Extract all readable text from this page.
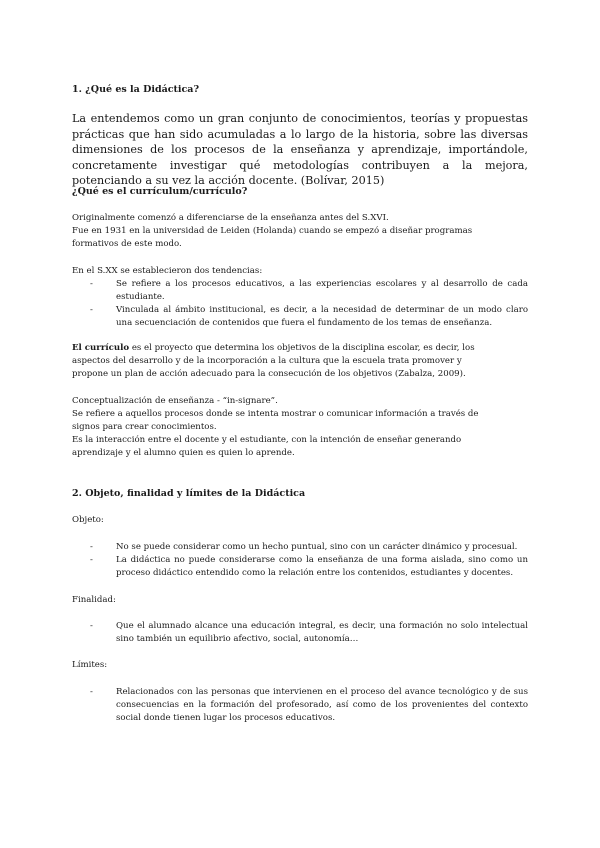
1. ¿Qué es la Didáctica?
La entendemos como un gran conjunto de conocimientos, teorías y propuestas prácticas que han sido acumuladas a lo largo de la historia, sobre las diversas dimensiones de los procesos de la enseñanza y aprendizaje, importándole, concretamente investigar qué metodologías contribuyen a la mejora, potenciando a su vez la acción docente. (Bolívar, 2015)
¿Qué es el currículum/currículo?
Originalmente comenzó a diferenciarse de la enseñanza antes del S.XVI.
Fue en 1931 en la universidad de Leiden (Holanda) cuando se empezó a diseñar programas
formativos de este modo.
En el S.XX se establecieron dos tendencias:
-	Se refiere a los procesos educativos, a las experiencias escolares y al desarrollo de cada estudiante.
-	Vinculada al ámbito institucional, es decir, a la necesidad de determinar de un modo claro una secuenciación de contenidos que fuera el fundamento de los temas de enseñanza.
El currículo es el proyecto que determina los objetivos de la disciplina escolar, es decir, los
aspectos del desarrollo y de la incorporación a la cultura que la escuela trata promover y
propone un plan de acción adecuado para la consecución de los objetivos (Zabalza, 2009).
Conceptualización de enseñanza - “in-signare”.
Se refiere a aquellos procesos donde se intenta mostrar o comunicar información a través de
signos para crear conocimientos.
Es la interacción entre el docente y el estudiante, con la intención de enseñar generando
aprendizaje y el alumno quien es quien lo aprende.
2. Objeto, finalidad y límites de la Didáctica
Objeto:
-	No se puede considerar como un hecho puntual, sino con un carácter dinámico y procesual.
-	La didáctica no puede considerarse como la enseñanza de una forma aislada, sino como un proceso didáctico entendido como la relación entre los contenidos, estudiantes y docentes.
Finalidad:
-	Que el alumnado alcance una educación integral, es decir, una formación no solo intelectual sino también un equilibrio afectivo, social, autonomía…
Límites:
-	Relacionados con las personas que intervienen en el proceso del avance tecnológico y de sus consecuencias en la formación del profesorado, así como de los provenientes del contexto social donde tienen lugar los procesos educativos.
